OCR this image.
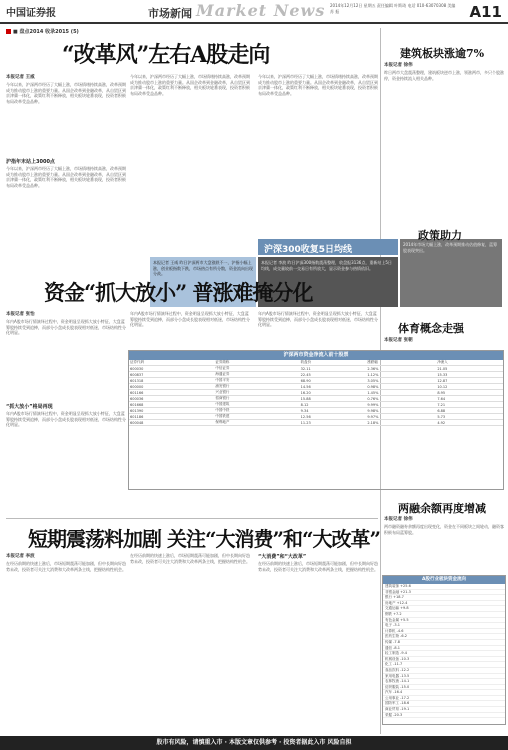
中国证券报	市场新闻 Market News 2014年12月12日 星期五 责任编辑 叶斯琦 电话 010-63070308 美编 苏 振	A11
■ 盘点2014 收录2015 (5)
“改革风”左右A股走向
本报记者 王威
今年以来，沪深两市经历了大幅上涨，市场情绪持续高涨，改革预期成为推动股市上涨的重要力量。从国企改革到金融改革，从自贸区到京津冀一体化，政策红利不断释放，相关板块轮番表现，投资者积极布局改革受益品种。
沪指年末站上3000点
今年以来，沪深两市经历了大幅上涨，市场情绪持续高涨，改革预期成为推动股市上涨的重要力量。从国企改革到金融改革，从自贸区到京津冀一体化，政策红利不断释放，相关板块轮番表现，投资者积极布局改革受益品种。
今年以来，沪深两市经历了大幅上涨，市场情绪持续高涨，改革预期成为推动股市上涨的重要力量。从国企改革到金融改革，从自贸区到京津冀一体化，政策红利不断释放，相关板块轮番表现，投资者积极布局改革受益品种。
今年以来，沪深两市经历了大幅上涨，市场情绪持续高涨，改革预期成为推动股市上涨的重要力量。从国企改革到金融改革，从自贸区到京津冀一体化，政策红利不断释放，相关板块轮番表现，投资者积极布局改革受益品种。
建筑板块涨逾7%
本报记者 徐伟
昨日两市大盘震荡整理，建筑板块逆市上涨，领涨两市，多只个股涨停，资金持续流入相关品种。
沪深300收复5日均线
本报记者 李波 昨日沪深300指数震荡整理，收盘报3136点，重新站上5日均线，成交量较前一交易日有所放大，显示资金参与热情依旧。
2014年市场大幅上涨，改革预期推动估值修复，蓝筹股表现突出。
本报记者 王威 昨日沪深两市大盘涨跌不一，沪指小幅上涨，创业板指数下跌，市场热点有所分散，资金流向出现分歧。
政策助力
资金“抓大放小” 普涨难掩分化
本报记者 张怡
年内A股市场行情演绎过程中，资金明显呈现抓大放小特征，大盘蓝筹股持续受到追捧，而部分小盘成长股表现相对低迷，市场结构性分化明显。
“抓大放小”格局再现
年内A股市场行情演绎过程中，资金明显呈现抓大放小特征，大盘蓝筹股持续受到追捧，而部分小盘成长股表现相对低迷，市场结构性分化明显。
年内A股市场行情演绎过程中，资金明显呈现抓大放小特征，大盘蓝筹股持续受到追捧，而部分小盘成长股表现相对低迷，市场结构性分化明显。
年内A股市场行情演绎过程中，资金明显呈现抓大放小特征，大盘蓝筹股持续受到追捧，而部分小盘成长股表现相对低迷，市场结构性分化明显。	体育概念走强
本报记者 张朝
沪深两市资金净流入前十股票
证券代码	证券简称	收盘价	涨跌幅	净流入
600030	中信证券	32.11	2.36%	21.05
600837	海通证券	22.45	1.12%	15.33
601318	中国平安	68.90	3.05%	12.87
600000	浦发银行	14.56	0.98%	10.12
601166	兴业银行	16.20	1.45%	8.95
600036	招商银行	15.88	0.76%	7.64
601668	中国建筑	8.12	9.99%	7.21
601390	中国中铁	9.34	9.98%	6.88
601186	中国铁建	12.56	9.97%	5.73
600048	保利地产	11.23	2.18%	4.92
两融余额再度增减
本报记者 徐伟
两市融资融券余额再度出现变化，资金在不同板块之间轮动，融资客积极布局蓝筹股。
短期震荡料加剧 关注“大消费”和“大改革”
本报记者 李波
在经历前期的快速上涨后，市场短期震荡可能加剧，但中长期向好趋势未改，投资者可关注大消费和大改革两条主线，把握结构性机会。
在经历前期的快速上涨后，市场短期震荡可能加剧，但中长期向好趋势未改，投资者可关注大消费和大改革两条主线，把握结构性机会。
“大消费”和“大改革”
在经历前期的快速上涨后，市场短期震荡可能加剧，但中长期向好趋势未改，投资者可关注大消费和大改革两条主线，把握结构性机会。
A股行业板块资金流向
建筑装饰 +25.6
非银金融 +21.3
银行 +18.7
房地产 +12.4
交通运输 +9.8
钢铁 +7.2
有色金属 +5.5
电子 -3.1
计算机 -4.6
医药生物 -6.2
传媒 -7.8
通信 -8.1
轻工制造 -9.4
机械设备 -10.3
化工 -11.7
食品饮料 -12.2
家用电器 -13.5
农林牧渔 -14.1
纺织服装 -15.0
汽车 -16.4
公用事业 -17.2
国防军工 -18.6
商业贸易 -19.1
采掘 -20.3
股市有风险，请慎重入市 · 本版文章仅供参考 · 投资者据此入市 风险自担
